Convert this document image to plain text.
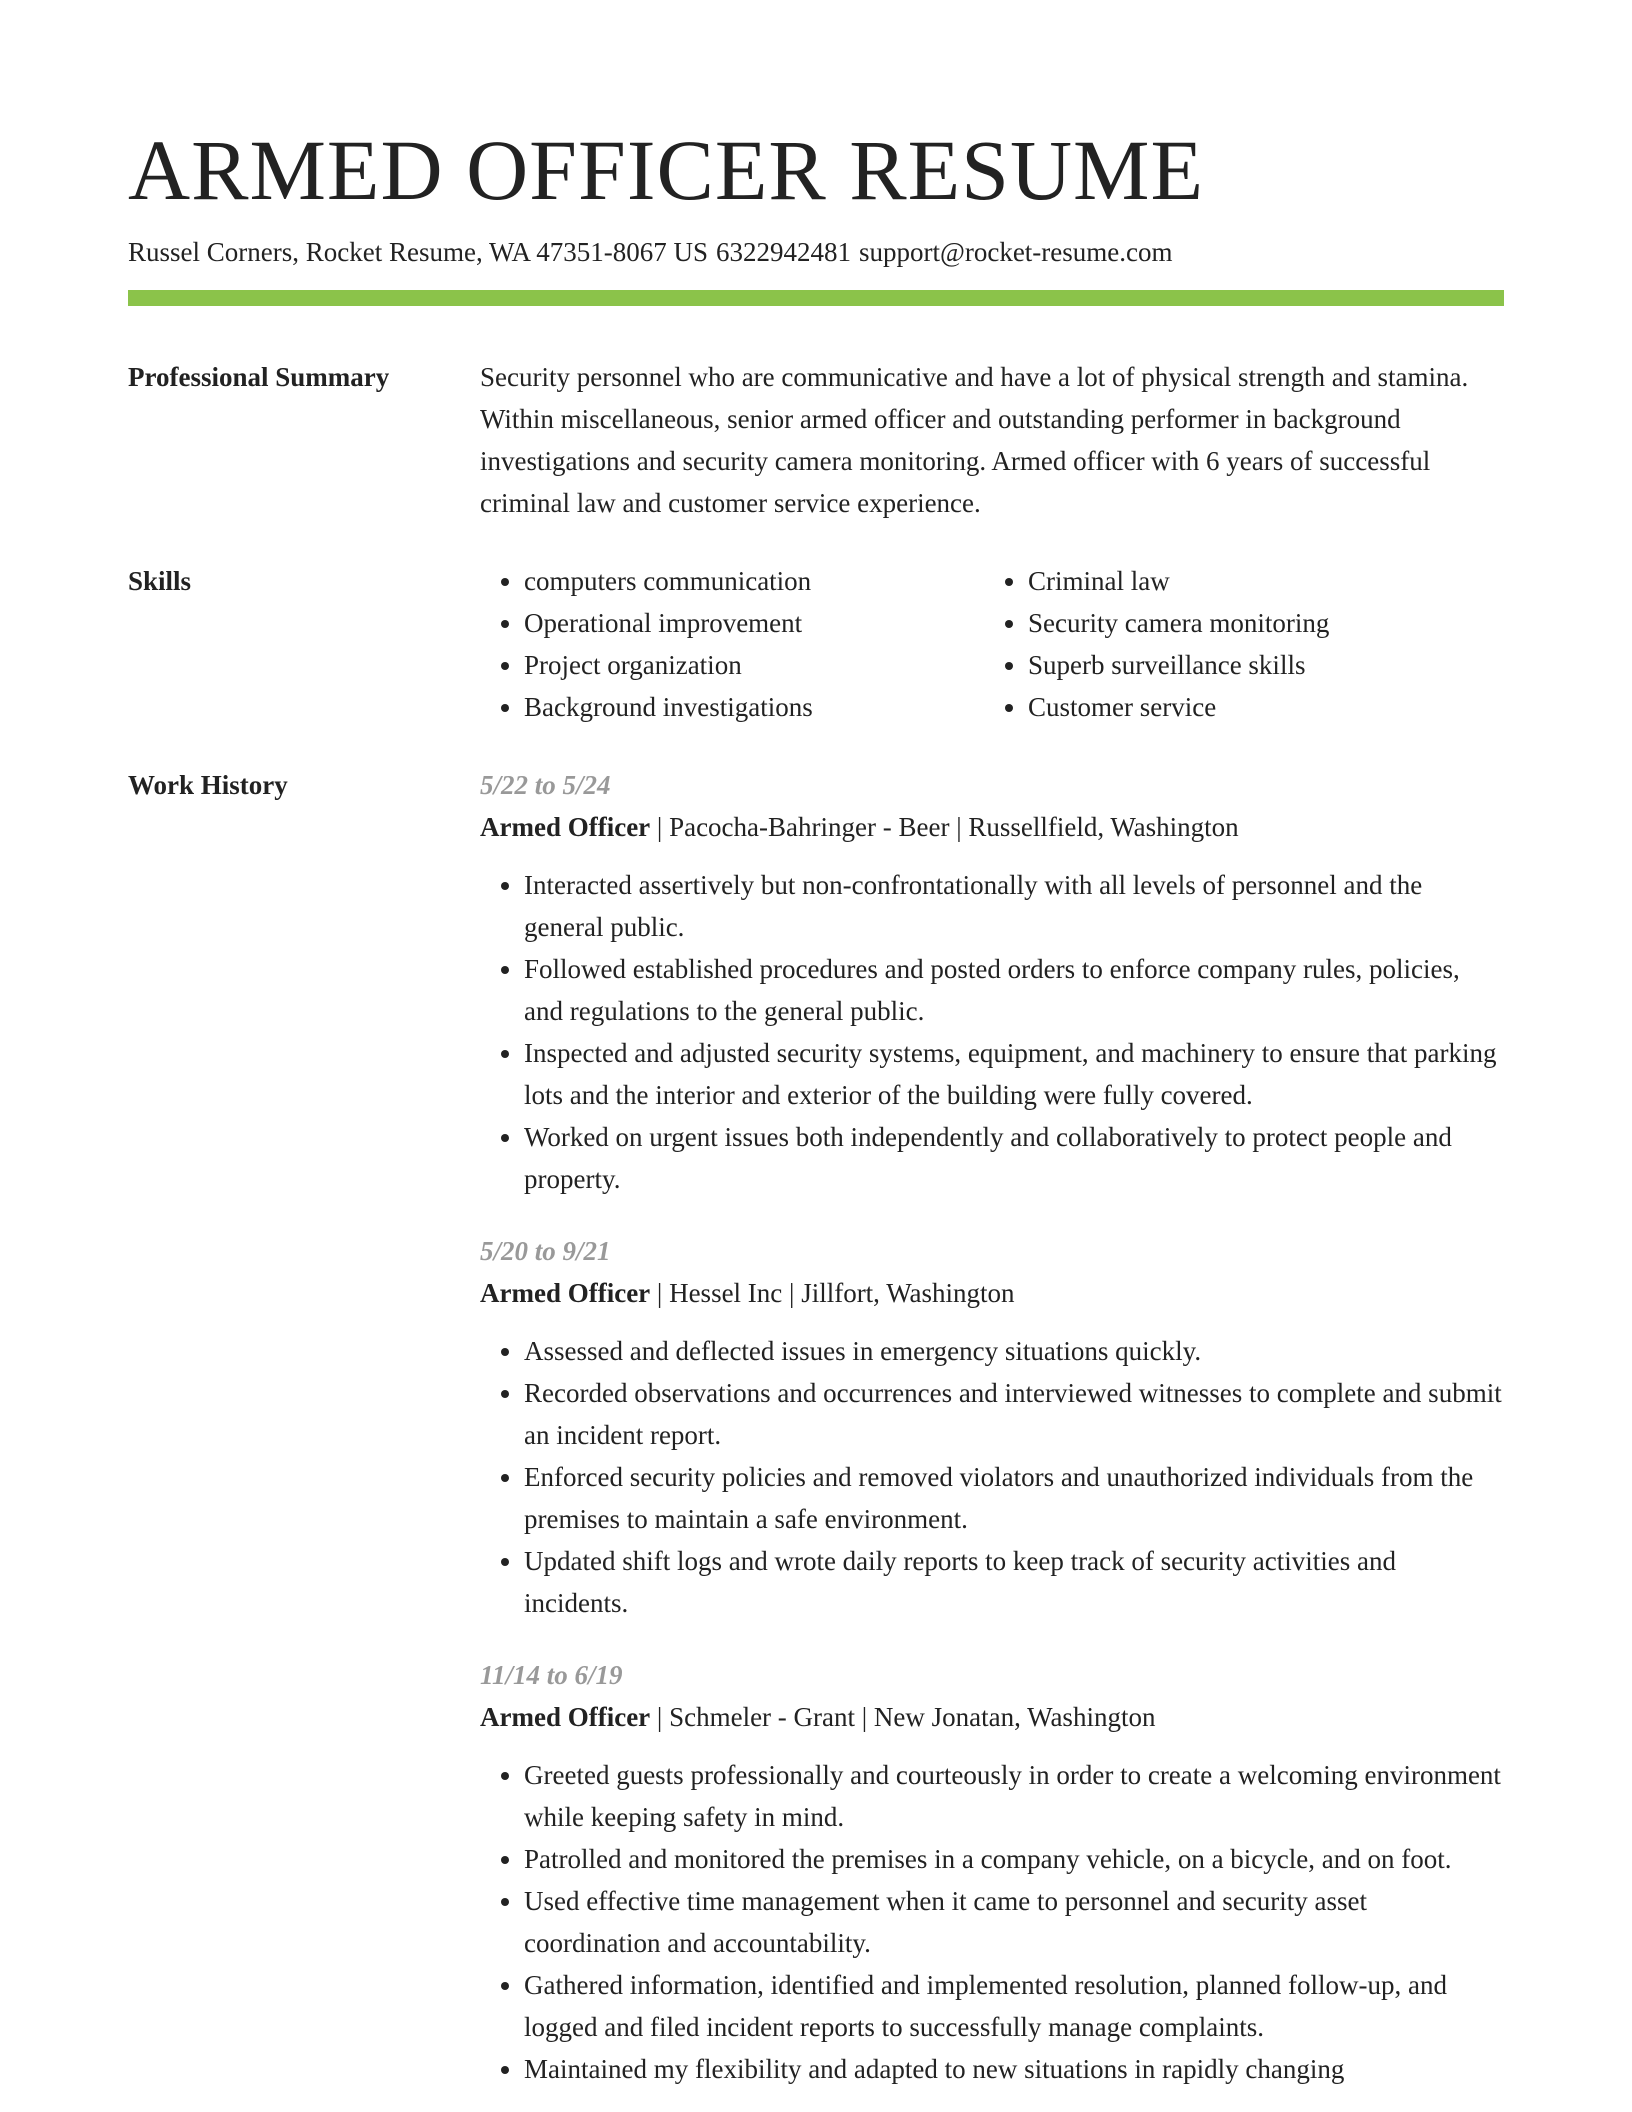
ARMED OFFICER RESUME
Russel Corners, Rocket Resume, WA 47351-8067 US 6322942481 support@rocket-resume.com
Professional Summary	Security personnel who are communicative and have a lot of physical strength and stamina. Within miscellaneous, senior armed officer and outstanding performer in background investigations and security camera monitoring. Armed officer with 6 years of successful criminal law and customer service experience.

Skills
•	computers communication
• Operational improvement
• Project organization
• Background investigations
• Criminal law
• Security camera monitoring
• Superb surveillance skills
• Customer service
Work History	5/22 to 5/24

Armed Officer | Pacocha-Bahringer - Beer | Russellfield, Washington

• Interacted assertively but non-confrontationally with all levels of personnel and the general public.
• Followed established procedures and posted orders to enforce company rules, policies, and regulations to the general public.
• Inspected and adjusted security systems, equipment, and machinery to ensure that parking lots and the interior and exterior of the building were fully covered.
• Worked on urgent issues both independently and collaboratively to protect people and property.
5/20 to 9/21

Armed Officer | Hessel Inc | Jillfort, Washington

• Assessed and deflected issues in emergency situations quickly.
• Recorded observations and occurrences and interviewed witnesses to complete and submit an incident report.
• Enforced security policies and removed violators and unauthorized individuals from the premises to maintain a safe environment.
• Updated shift logs and wrote daily reports to keep track of security activities and incidents.
11/14 to 6/19

Armed Officer | Schmeler - Grant | New Jonatan, Washington

• Greeted guests professionally and courteously in order to create a welcoming environment while keeping safety in mind.
• Patrolled and monitored the premises in a company vehicle, on a bicycle, and on foot.
• Used effective time management when it came to personnel and security asset coordination and accountability.
• Gathered information, identified and implemented resolution, planned follow-up, and logged and filed incident reports to successfully manage complaints.
• Maintained my flexibility and adapted to new situations in rapidly changing
